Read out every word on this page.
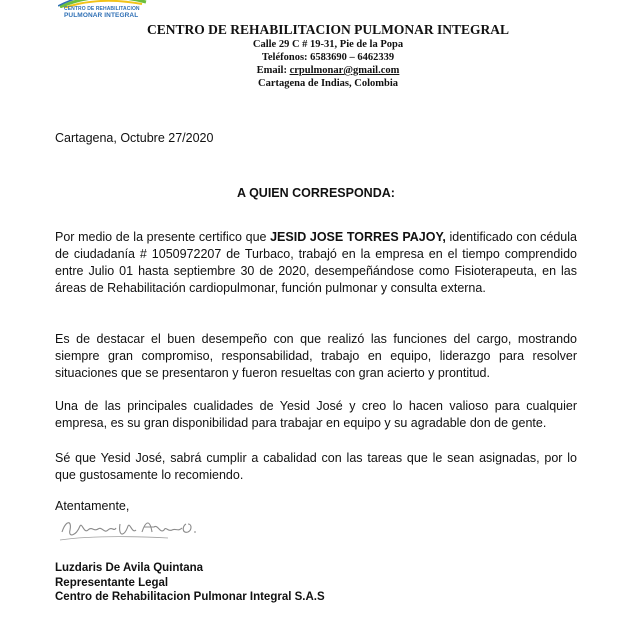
CENTRO DE REHABILITACION
PULMONAR INTEGRAL

CENTRO DE REHABILITACION PULMONAR INTEGRAL

Calle 29 C # 19-31, Pie de la Popa

Teléfonos: 6583690 – 6462339

Email: crpulmonar@gmail.com

Cartagena de Indias, Colombia

Cartagena, Octubre 27/2020
A QUIEN CORRESPONDA:

Por medio de la presente certifico que JESID JOSE TORRES PAJOY, identificado con cédula de ciudadanía # 1050972207 de Turbaco, trabajó en la empresa en el tiempo comprendido entre Julio 01 hasta septiembre 30 de 2020, desempeñándose como Fisioterapeuta, en las áreas de Rehabilitación cardiopulmonar, función pulmonar y consulta externa.

Es de destacar el buen desempeño con que realizó las funciones del cargo, mostrando siempre gran compromiso, responsabilidad, trabajo en equipo, liderazgo para resolver situaciones que se presentaron y fueron resueltas con gran acierto y prontitud.

Una de las principales cualidades de Yesid José y creo lo hacen valioso para cualquier empresa, es su gran disponibilidad para trabajar en equipo y su agradable don de gente.

Sé que Yesid José, sabrá cumplir a cabalidad con las tareas que le sean asignadas, por lo que gustosamente lo recomiendo.

Atentamente,
Luzdaris De Avila Quintana
Representante Legal
Centro de Rehabilitacion Pulmonar Integral S.A.S
